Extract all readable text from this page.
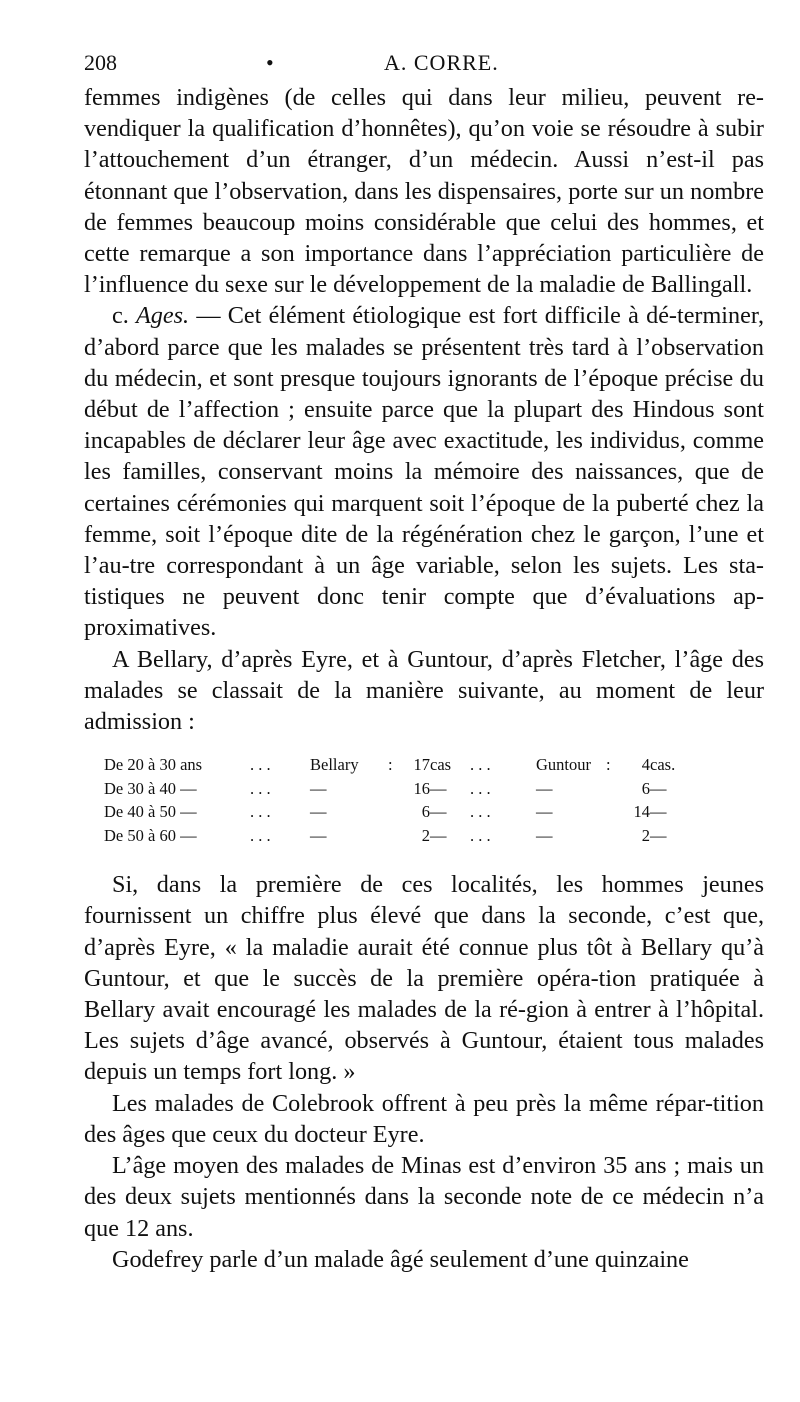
208	•	A. CORRE.

femmes indigènes (de celles qui dans leur milieu, peuvent re-vendiquer la qualification d’honnêtes), qu’on voie se résoudre à subir l’attouchement d’un étranger, d’un médecin. Aussi n’est-il pas étonnant que l’observation, dans les dispensaires, porte sur un nombre de femmes beaucoup moins considérable que celui des hommes, et cette remarque a son importance dans l’appréciation particulière de l’influence du sexe sur le développement de la maladie de Ballingall.

c. Ages. — Cet élément étiologique est fort difficile à dé-terminer, d’abord parce que les malades se présentent très tard à l’observation du médecin, et sont presque toujours ignorants de l’époque précise du début de l’affection ; ensuite parce que la plupart des Hindous sont incapables de déclarer leur âge avec exactitude, les individus, comme les familles, conservant moins la mémoire des naissances, que de certaines cérémonies qui marquent soit l’époque de la puberté chez la femme, soit l’époque dite de la régénération chez le garçon, l’une et l’au-tre correspondant à un âge variable, selon les sujets. Les sta-tistiques ne peuvent donc tenir compte que d’évaluations ap-proximatives.

A Bellary, d’après Eyre, et à Guntour, d’après Fletcher, l’âge des malades se classait de la manière suivante, au moment de leur admission :

De 20 à 30 ans	. . .	Bellary	:	17	cas	. . .	Guntour	:	4	cas.
De 30 à 40 —	. . .	—		16	—	. . .	—		6	—
De 40 à 50 —	. . .	—		6	—	. . .	—		14	—
De 50 à 60 —	. . .	—		2	—	. . .	—		2	—

Si, dans la première de ces localités, les hommes jeunes fournissent un chiffre plus élevé que dans la seconde, c’est que, d’après Eyre, « la maladie aurait été connue plus tôt à Bellary qu’à Guntour, et que le succès de la première opéra-tion pratiquée à Bellary avait encouragé les malades de la ré-gion à entrer à l’hôpital. Les sujets d’âge avancé, observés à Guntour, étaient tous malades depuis un temps fort long. »

Les malades de Colebrook offrent à peu près la même répar-tition des âges que ceux du docteur Eyre.

L’âge moyen des malades de Minas est d’environ 35 ans ; mais un des deux sujets mentionnés dans la seconde note de ce médecin n’a que 12 ans.

Godefrey parle d’un malade âgé seulement d’une quinzaine
